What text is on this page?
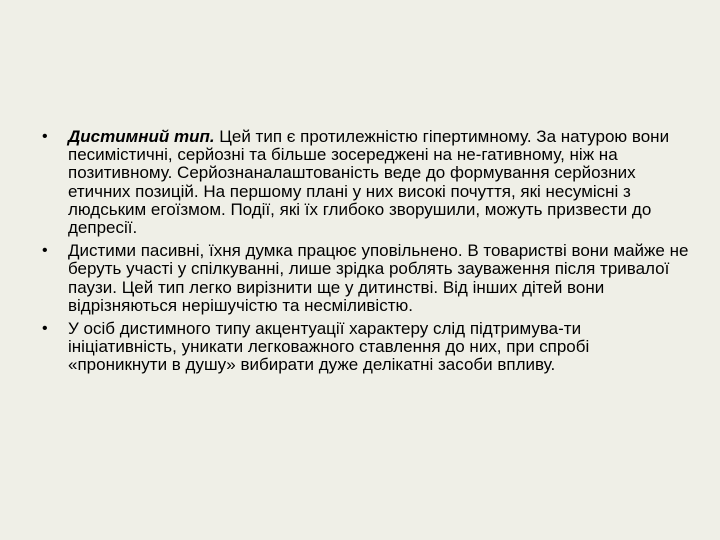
•	Дистимний тип. Цей тип є протилежністю гіпертимному. За натурою вони песимістичні, серйозні та більше зосереджені на не-гативному, ніж на позитивному. Серйознаналаштованість веде до формування серйозних етичних позицій. На першому плані у них високі почуття, які несумісні з людським егоїзмом. Події, які їх глибоко зворушили, можуть призвести до депресії.
•	Дистими пасивні, їхня думка працює уповільнено. В товаристві вони майже не беруть участі у спілкуванні, лише зрідка роблять зауваження після тривалої паузи. Цей тип легко вирізнити ще у дитинстві. Від інших дітей вони відрізняються нерішучістю та несміливістю.
•	У осіб дистимного типу акцентуації характеру слід підтримува-ти ініціативність, уникати легковажного ставлення до них, при спробі «проникнути в душу» вибирати дуже делікатні засоби впливу.
